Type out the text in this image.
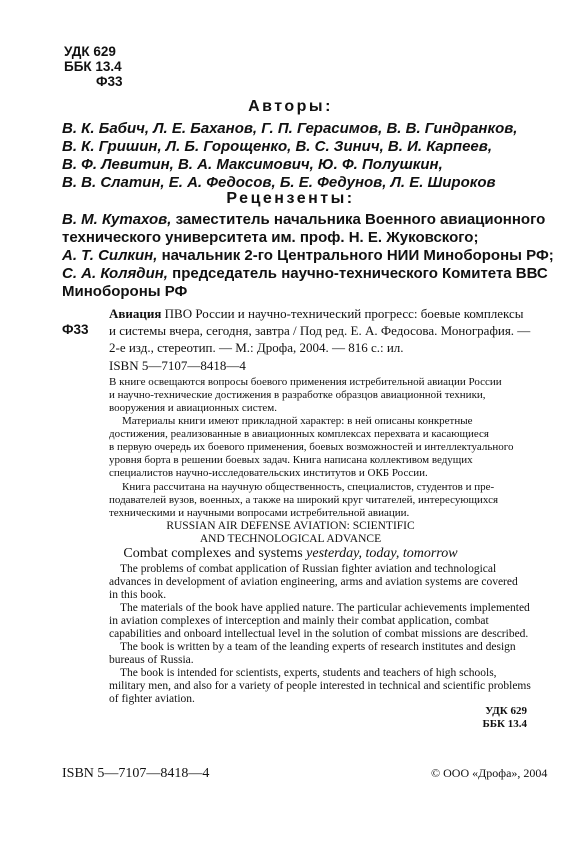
УДК 629
ББК 13.4
Ф33
Авторы:
В. К. Бабич, Л. Е. Баханов, Г. П. Герасимов, В. В. Гиндранков,
В. К. Гришин, Л. Б. Горощенко, В. С. Зинич, В. И. Карпеев,
В. Ф. Левитин, В. А. Максимович, Ю. Ф. Полушкин,
В. В. Слатин, Е. А. Федосов, Б. Е. Федунов, Л. Е. Широков
Рецензенты:
В. М. Кутахов, заместитель начальника Военного авиационного
технического университета им. проф. Н. Е. Жуковского;
А. Т. Силкин, начальник 2-го Центрального НИИ Минобороны РФ;
С. А. Колядин, председатель научно-технического Комитета ВВС
Минобороны РФ
Ф33
Авиация ПВО России и научно-технический прогресс: боевые комплексы
и системы вчера, сегодня, завтра / Под ред. Е. А. Федосова. Монография. —
2-е изд., стереотип. — М.: Дрофа, 2004. — 816 с.: ил.
ISBN 5—7107—8418—4
В книге освещаются вопросы боевого применения истребительной авиации России
и научно-технические достижения в разработке образцов авиационной техники,
вооружения и авиационных систем.
Материалы книги имеют прикладной характер: в ней описаны конкретные
достижения, реализованные в авиационных комплексах перехвата и касающиеся
в первую очередь их боевого применения, боевых возможностей и интеллектуального
уровня борта в решении боевых задач. Книга написана коллективом ведущих
специалистов научно-исследовательских институтов и ОКБ России.
Книга рассчитана на научную общественность, специалистов, студентов и пре-
подавателей вузов, военных, а также на широкий круг читателей, интересующихся
техническими и научными вопросами истребительной авиации.
RUSSIAN AIR DEFENSE AVIATION: SCIENTIFIC
AND TECHNOLOGICAL ADVANCE
Combat complexes and systems yesterday, today, tomorrow
The problems of combat application of Russian fighter aviation and technological
advances in development of aviation engineering, arms and aviation systems are covered
in this book.
The materials of the book have applied nature. The particular achievements implemented
in aviation complexes of interception and mainly their combat application, combat
capabilities and onboard intellectual level in the solution of combat missions are described.
The book is written by a team of the leanding experts of research institutes and design
bureaus of Russia.
The book is intended for scientists, experts, students and teachers of high schools,
military men, and also for a variety of people interested in technical and scientific problems
of fighter aviation.
УДК 629
ББК 13.4
ISBN 5—7107—8418—4	© ООО «Дрофа», 2004
